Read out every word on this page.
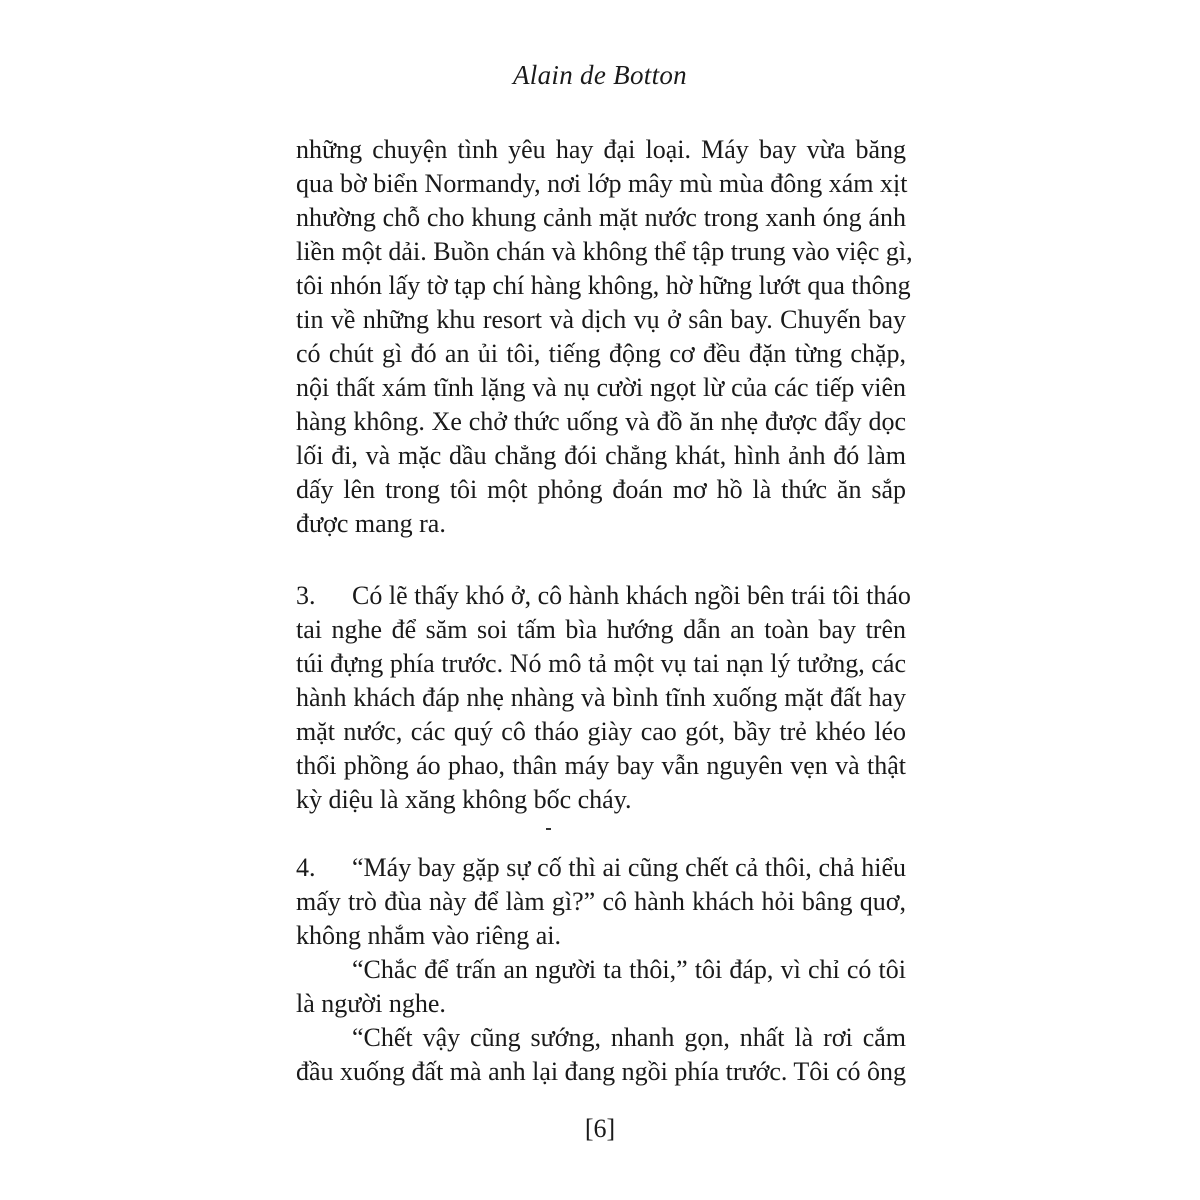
Alain de Botton
những chuyện tình yêu hay đại loại. Máy bay vừa băng
qua bờ biển Normandy, nơi lớp mây mù mùa đông xám xịt
nhường chỗ cho khung cảnh mặt nước trong xanh óng ánh
liền một dải. Buồn chán và không thể tập trung vào việc gì,
tôi nhón lấy tờ tạp chí hàng không, hờ hững lướt qua thông
tin về những khu resort và dịch vụ ở sân bay. Chuyến bay
có chút gì đó an ủi tôi, tiếng động cơ đều đặn từng chặp,
nội thất xám tĩnh lặng và nụ cười ngọt lừ của các tiếp viên
hàng không. Xe chở thức uống và đồ ăn nhẹ được đẩy dọc
lối đi, và mặc dầu chẳng đói chẳng khát, hình ảnh đó làm
dấy lên trong tôi một phỏng đoán mơ hồ là thức ăn sắp
được mang ra.
3. Có lẽ thấy khó ở, cô hành khách ngồi bên trái tôi tháo
tai nghe để săm soi tấm bìa hướng dẫn an toàn bay trên
túi đựng phía trước. Nó mô tả một vụ tai nạn lý tưởng, các
hành khách đáp nhẹ nhàng và bình tĩnh xuống mặt đất hay
mặt nước, các quý cô tháo giày cao gót, bầy trẻ khéo léo
thổi phồng áo phao, thân máy bay vẫn nguyên vẹn và thật
kỳ diệu là xăng không bốc cháy.
4. “Máy bay gặp sự cố thì ai cũng chết cả thôi, chả hiểu
mấy trò đùa này để làm gì?” cô hành khách hỏi bâng quơ,
không nhắm vào riêng ai.
“Chắc để trấn an người ta thôi,” tôi đáp, vì chỉ có tôi
là người nghe.
“Chết vậy cũng sướng, nhanh gọn, nhất là rơi cắm
đầu xuống đất mà anh lại đang ngồi phía trước. Tôi có ông
[6]
